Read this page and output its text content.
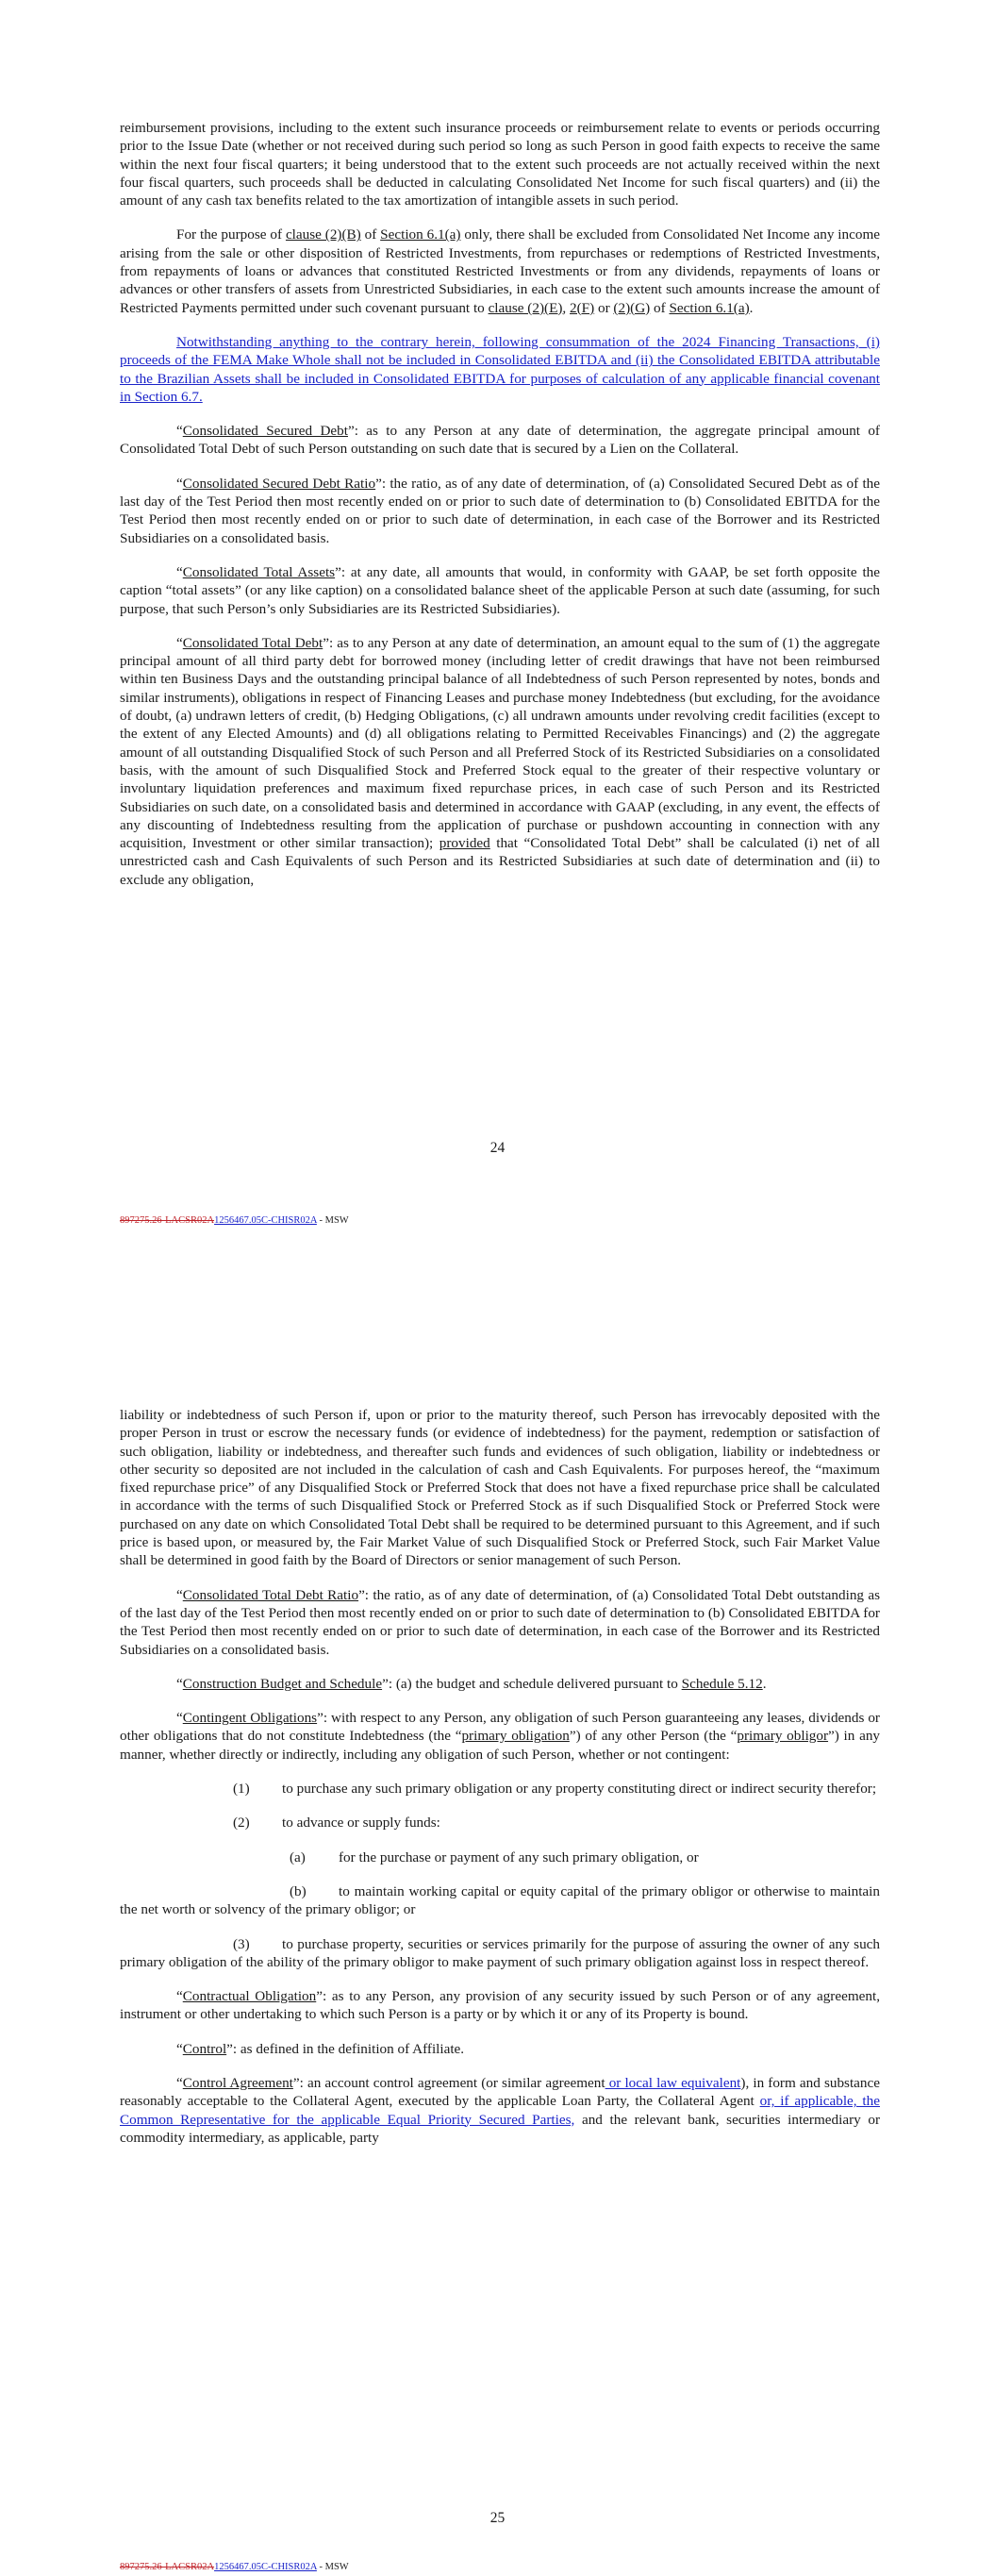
reimbursement provisions, including to the extent such insurance proceeds or reimbursement relate to events or periods occurring prior to the Issue Date (whether or not received during such period so long as such Person in good faith expects to receive the same within the next four fiscal quarters; it being understood that to the extent such proceeds are not actually received within the next four fiscal quarters, such proceeds shall be deducted in calculating Consolidated Net Income for such fiscal quarters) and (ii) the amount of any cash tax benefits related to the tax amortization of intangible assets in such period.

For the purpose of clause (2)(B) of Section 6.1(a) only, there shall be excluded from Consolidated Net Income any income arising from the sale or other disposition of Restricted Investments, from repurchases or redemptions of Restricted Investments, from repayments of loans or advances that constituted Restricted Investments or from any dividends, repayments of loans or advances or other transfers of assets from Unrestricted Subsidiaries, in each case to the extent such amounts increase the amount of Restricted Payments permitted under such covenant pursuant to clause (2)(E), 2(F) or (2)(G) of Section 6.1(a).

Notwithstanding anything to the contrary herein, following consummation of the 2024 Financing Transactions, (i) proceeds of the FEMA Make Whole shall not be included in Consolidated EBITDA and (ii) the Consolidated EBITDA attributable to the Brazilian Assets shall be included in Consolidated EBITDA for purposes of calculation of any applicable financial covenant in Section 6.7.

“Consolidated Secured Debt”: as to any Person at any date of determination, the aggregate principal amount of Consolidated Total Debt of such Person outstanding on such date that is secured by a Lien on the Collateral.

“Consolidated Secured Debt Ratio”: the ratio, as of any date of determination, of (a) Consolidated Secured Debt as of the last day of the Test Period then most recently ended on or prior to such date of determination to (b) Consolidated EBITDA for the Test Period then most recently ended on or prior to such date of determination, in each case of the Borrower and its Restricted Subsidiaries on a consolidated basis.

“Consolidated Total Assets”: at any date, all amounts that would, in conformity with GAAP, be set forth opposite the caption “total assets” (or any like caption) on a consolidated balance sheet of the applicable Person at such date (assuming, for such purpose, that such Person’s only Subsidiaries are its Restricted Subsidiaries).

“Consolidated Total Debt”: as to any Person at any date of determination, an amount equal to the sum of (1) the aggregate principal amount of all third party debt for borrowed money (including letter of credit drawings that have not been reimbursed within ten Business Days and the outstanding principal balance of all Indebtedness of such Person represented by notes, bonds and similar instruments), obligations in respect of Financing Leases and purchase money Indebtedness (but excluding, for the avoidance of doubt, (a) undrawn letters of credit, (b) Hedging Obligations, (c) all undrawn amounts under revolving credit facilities (except to the extent of any Elected Amounts) and (d) all obligations relating to Permitted Receivables Financings) and (2) the aggregate amount of all outstanding Disqualified Stock of such Person and all Preferred Stock of its Restricted Subsidiaries on a consolidated basis, with the amount of such Disqualified Stock and Preferred Stock equal to the greater of their respective voluntary or involuntary liquidation preferences and maximum fixed repurchase prices, in each case of such Person and its Restricted Subsidiaries on such date, on a consolidated basis and determined in accordance with GAAP (excluding, in any event, the effects of any discounting of Indebtedness resulting from the application of purchase or pushdown accounting in connection with any acquisition, Investment or other similar transaction); provided that “Consolidated Total Debt” shall be calculated (i) net of all unrestricted cash and Cash Equivalents of such Person and its Restricted Subsidiaries at such date of determination and (ii) to exclude any obligation,

24
897275.26-LACSR02A1256467.05C-CHISR02A - MSW

liability or indebtedness of such Person if, upon or prior to the maturity thereof, such Person has irrevocably deposited with the proper Person in trust or escrow the necessary funds (or evidence of indebtedness) for the payment, redemption or satisfaction of such obligation, liability or indebtedness, and thereafter such funds and evidences of such obligation, liability or indebtedness or other security so deposited are not included in the calculation of cash and Cash Equivalents. For purposes hereof, the “maximum fixed repurchase price” of any Disqualified Stock or Preferred Stock that does not have a fixed repurchase price shall be calculated in accordance with the terms of such Disqualified Stock or Preferred Stock as if such Disqualified Stock or Preferred Stock were purchased on any date on which Consolidated Total Debt shall be required to be determined pursuant to this Agreement, and if such price is based upon, or measured by, the Fair Market Value of such Disqualified Stock or Preferred Stock, such Fair Market Value shall be determined in good faith by the Board of Directors or senior management of such Person.

“Consolidated Total Debt Ratio”: the ratio, as of any date of determination, of (a) Consolidated Total Debt outstanding as of the last day of the Test Period then most recently ended on or prior to such date of determination to (b) Consolidated EBITDA for the Test Period then most recently ended on or prior to such date of determination, in each case of the Borrower and its Restricted Subsidiaries on a consolidated basis.

“Construction Budget and Schedule”: (a) the budget and schedule delivered pursuant to Schedule 5.12.

“Contingent Obligations”: with respect to any Person, any obligation of such Person guaranteeing any leases, dividends or other obligations that do not constitute Indebtedness (the “primary obligation”) of any other Person (the “primary obligor”) in any manner, whether directly or indirectly, including any obligation of such Person, whether or not contingent:

(1) to purchase any such primary obligation or any property constituting direct or indirect security therefor;

(2) to advance or supply funds:

(a) for the purchase or payment of any such primary obligation, or

(b) to maintain working capital or equity capital of the primary obligor or otherwise to maintain the net worth or solvency of the primary obligor; or

(3) to purchase property, securities or services primarily for the purpose of assuring the owner of any such primary obligation of the ability of the primary obligor to make payment of such primary obligation against loss in respect thereof.

“Contractual Obligation”: as to any Person, any provision of any security issued by such Person or of any agreement, instrument or other undertaking to which such Person is a party or by which it or any of its Property is bound.

“Control”: as defined in the definition of Affiliate.

“Control Agreement”: an account control agreement (or similar agreement or local law equivalent), in form and substance reasonably acceptable to the Collateral Agent, executed by the applicable Loan Party, the Collateral Agent or, if applicable, the Common Representative for the applicable Equal Priority Secured Parties, and the relevant bank, securities intermediary or commodity intermediary, as applicable, party

25
897275.26-LACSR02A1256467.05C-CHISR02A - MSW
